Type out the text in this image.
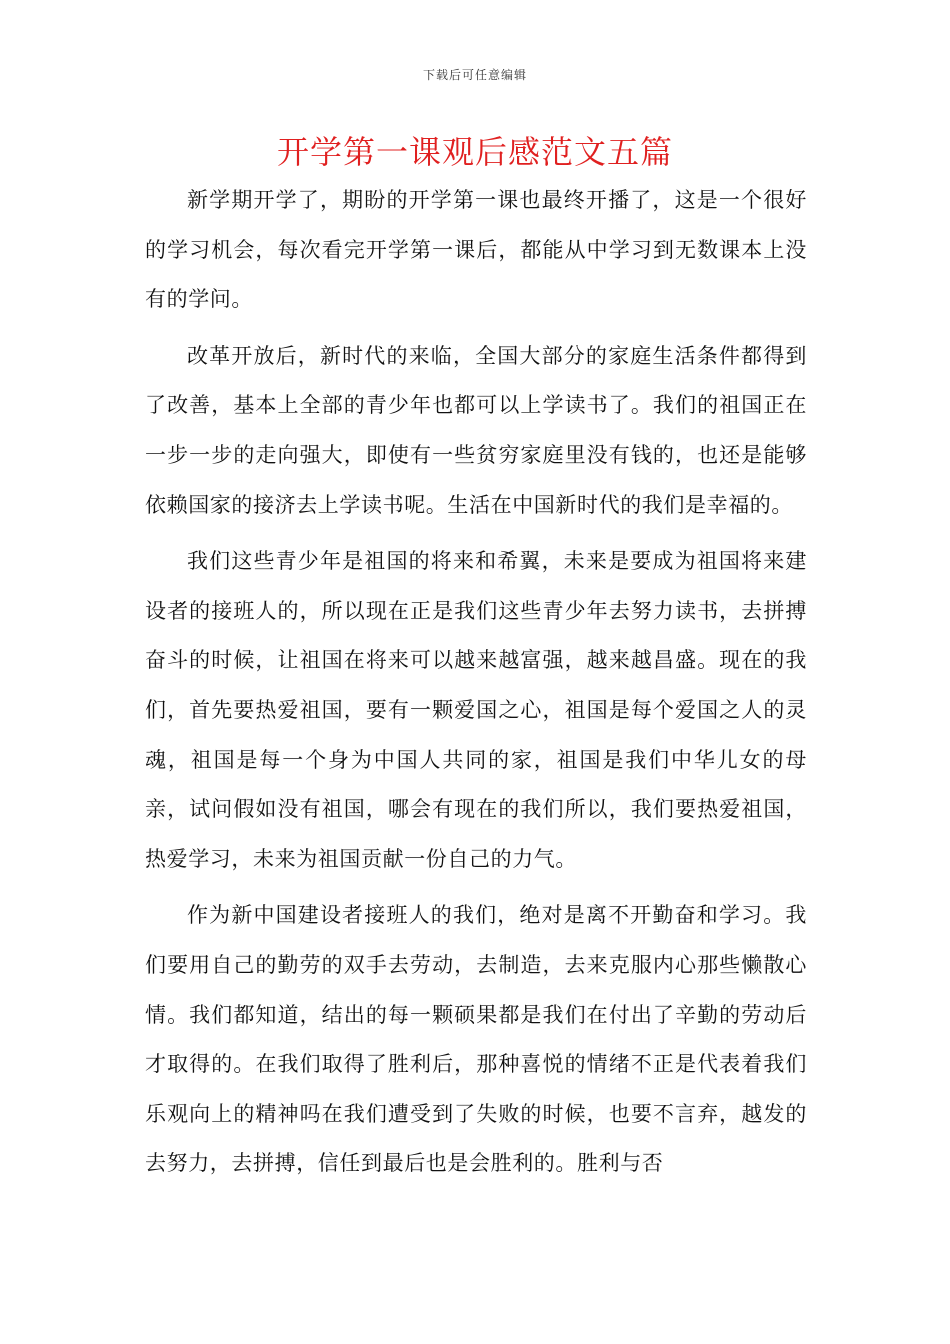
下载后可任意编辑
开学第一课观后感范文五篇

新学期开学了，期盼的开学第一课也最终开播了，这是一个很好的学习机会，每次看完开学第一课后，都能从中学习到无数课本上没有的学问。

改革开放后，新时代的来临，全国大部分的家庭生活条件都得到了改善，基本上全部的青少年也都可以上学读书了。我们的祖国正在一步一步的走向强大，即使有一些贫穷家庭里没有钱的，也还是能够依赖国家的接济去上学读书呢。生活在中国新时代的我们是幸福的。

我们这些青少年是祖国的将来和希翼，未来是要成为祖国将来建设者的接班人的，所以现在正是我们这些青少年去努力读书，去拼搏奋斗的时候，让祖国在将来可以越来越富强，越来越昌盛。现在的我们，首先要热爱祖国，要有一颗爱国之心，祖国是每个爱国之人的灵魂，祖国是每一个身为中国人共同的家，祖国是我们中华儿女的母亲，试问假如没有祖国，哪会有现在的我们所以，我们要热爱祖国，热爱学习，未来为祖国贡献一份自己的力气。

作为新中国建设者接班人的我们，绝对是离不开勤奋和学习。我们要用自己的勤劳的双手去劳动，去制造，去来克服内心那些懒散心情。我们都知道，结出的每一颗硕果都是我们在付出了辛勤的劳动后才取得的。在我们取得了胜利后，那种喜悦的情绪不正是代表着我们乐观向上的精神吗在我们遭受到了失败的时候，也要不言弃，越发的去努力，去拼搏，信任到最后也是会胜利的。胜利与否
